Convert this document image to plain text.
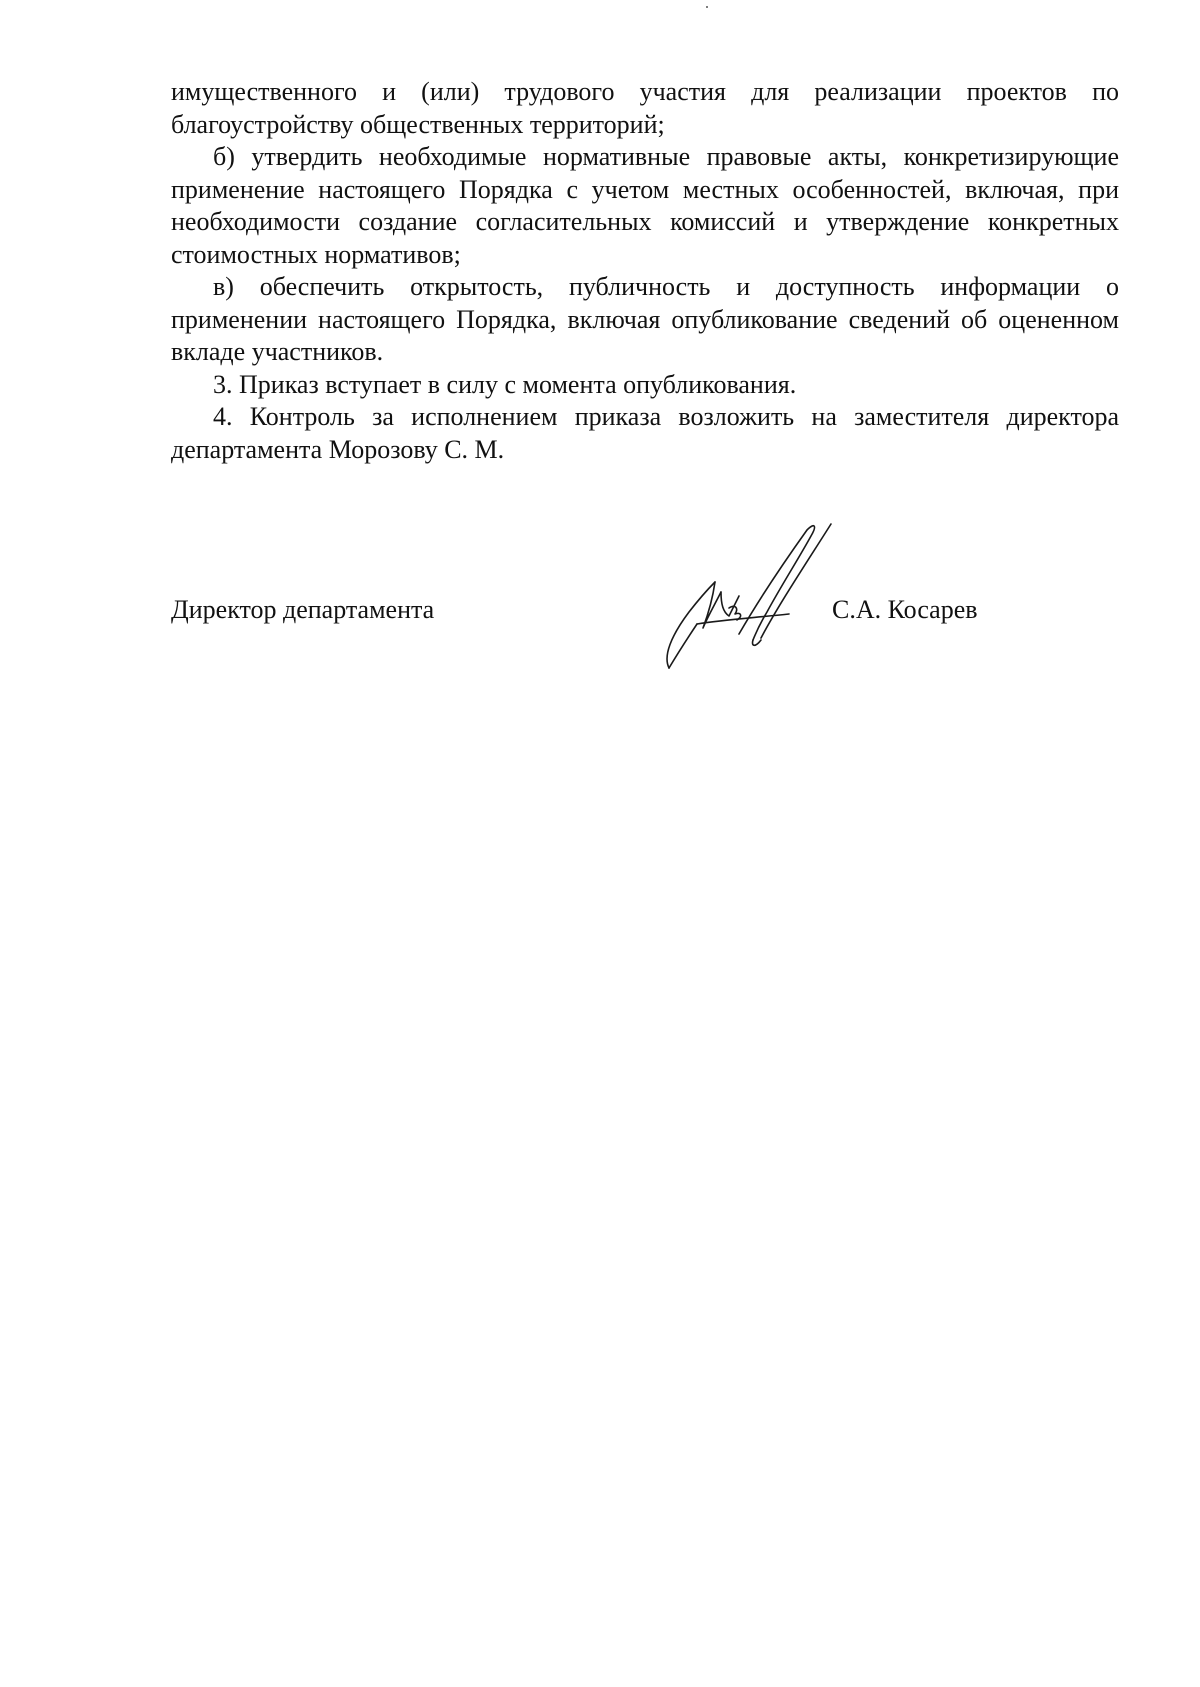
имущественного и (или) трудового участия для реализации проектов по благоустройству общественных территорий;

б) утвердить необходимые нормативные правовые акты, конкретизирующие применение настоящего Порядка с учетом местных особенностей, включая, при необходимости создание согласительных комиссий и утверждение конкретных стоимостных нормативов;

в) обеспечить открытость, публичность и доступность информации о применении настоящего Порядка, включая опубликование сведений об оцененном вкладе участников.

3. Приказ вступает в силу с момента опубликования.

4. Контроль за исполнением приказа возложить на заместителя директора департамента Морозову С. М.

Директор департамента	С.А. Косарев
